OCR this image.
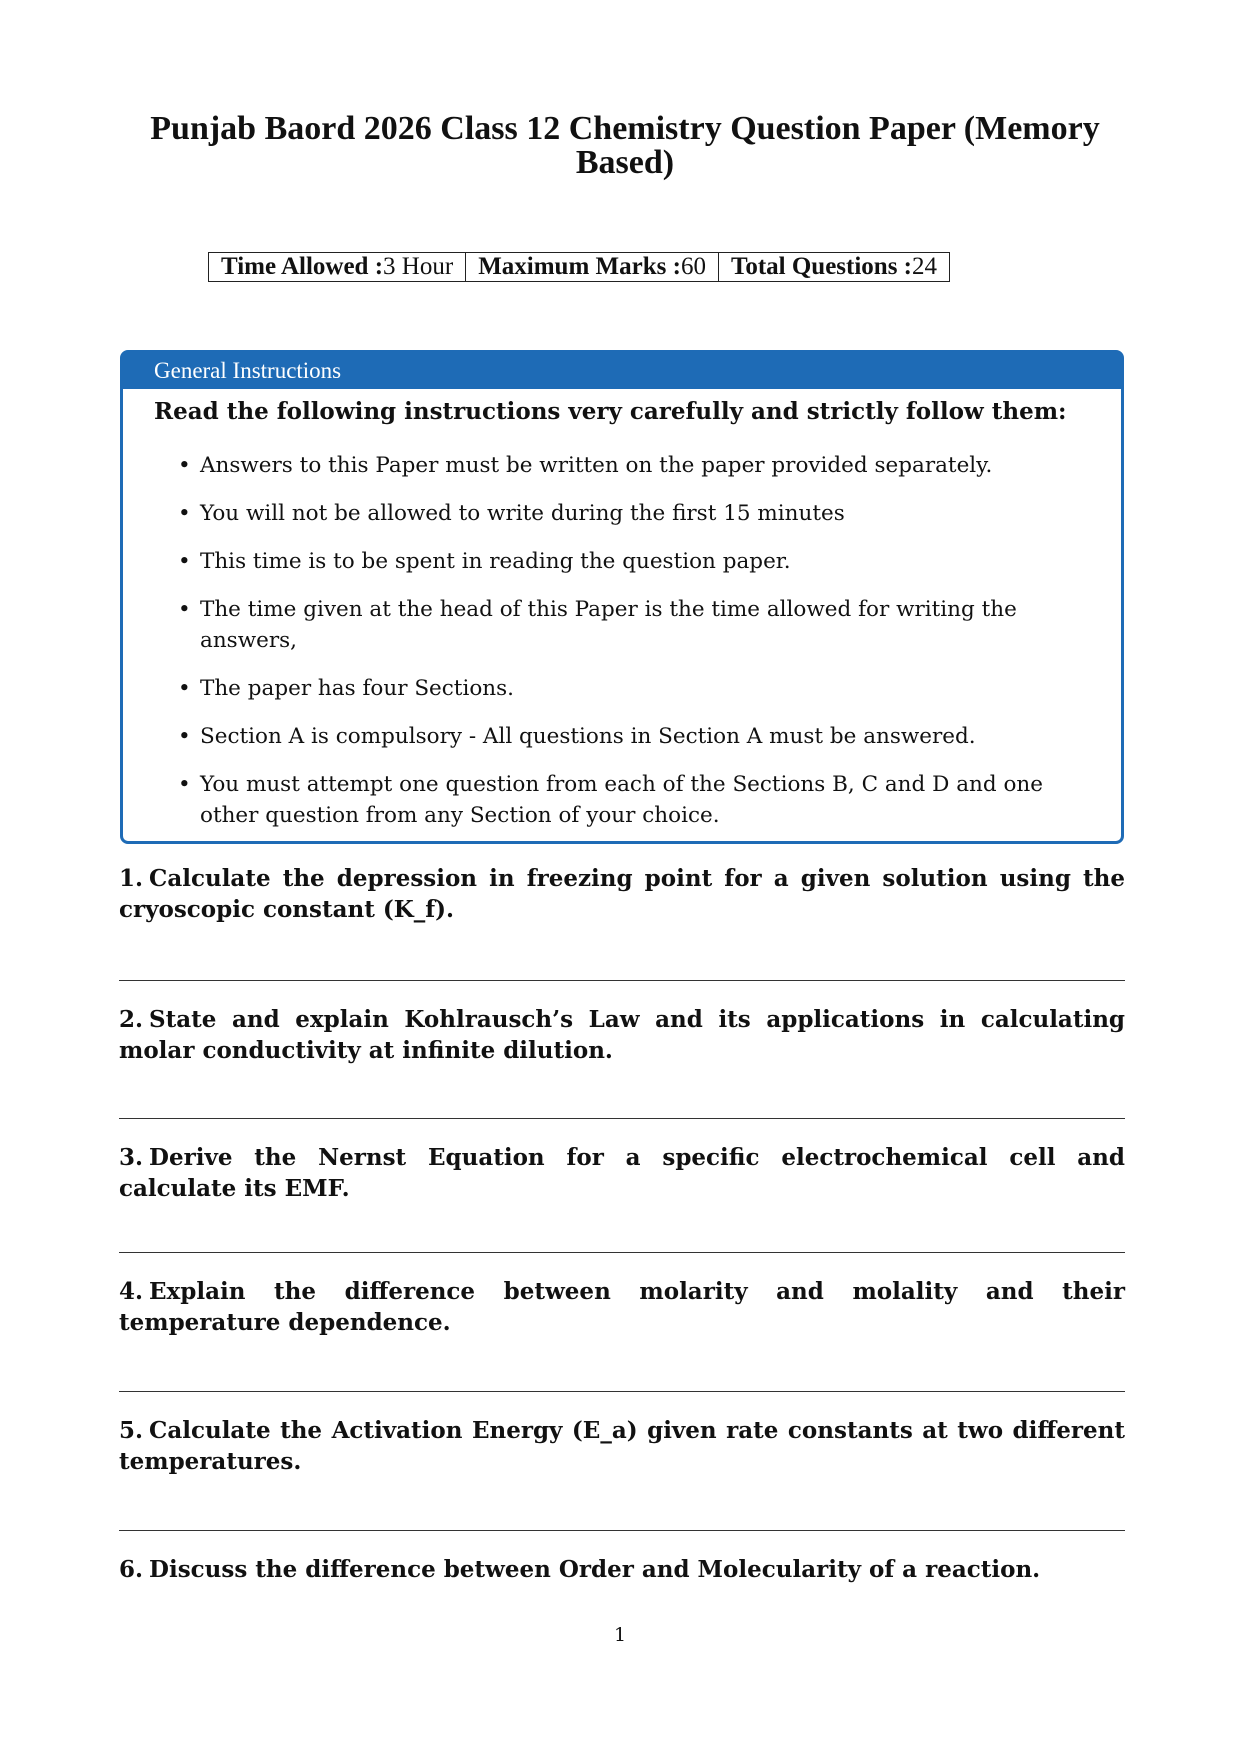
Punjab Baord 2026 Class 12 Chemistry Question Paper (Memory Based)
Time Allowed :3 Hour	Maximum Marks :60	Total Questions :24
General Instructions
Read the following instructions very carefully and strictly follow them:
• Answers to this Paper must be written on the paper provided separately.
• You will not be allowed to write during the first 15 minutes
• This time is to be spent in reading the question paper.
• The time given at the head of this Paper is the time allowed for writing the answers,
• The paper has four Sections.
• Section A is compulsory - All questions in Section A must be answered.
• You must attempt one question from each of the Sections B, C and D and one other question from any Section of your choice.
1. Calculate the depression in freezing point for a given solution using the cryoscopic constant (K_f).
2. State and explain Kohlrausch’s Law and its applications in calculating molar conductivity at infinite dilution.
3. Derive the Nernst Equation for a specific electrochemical cell and calculate its EMF.
4. Explain the difference between molarity and molality and their temperature dependence.
5. Calculate the Activation Energy (E_a) given rate constants at two different temperatures.
6. Discuss the difference between Order and Molecularity of a reaction.
1
